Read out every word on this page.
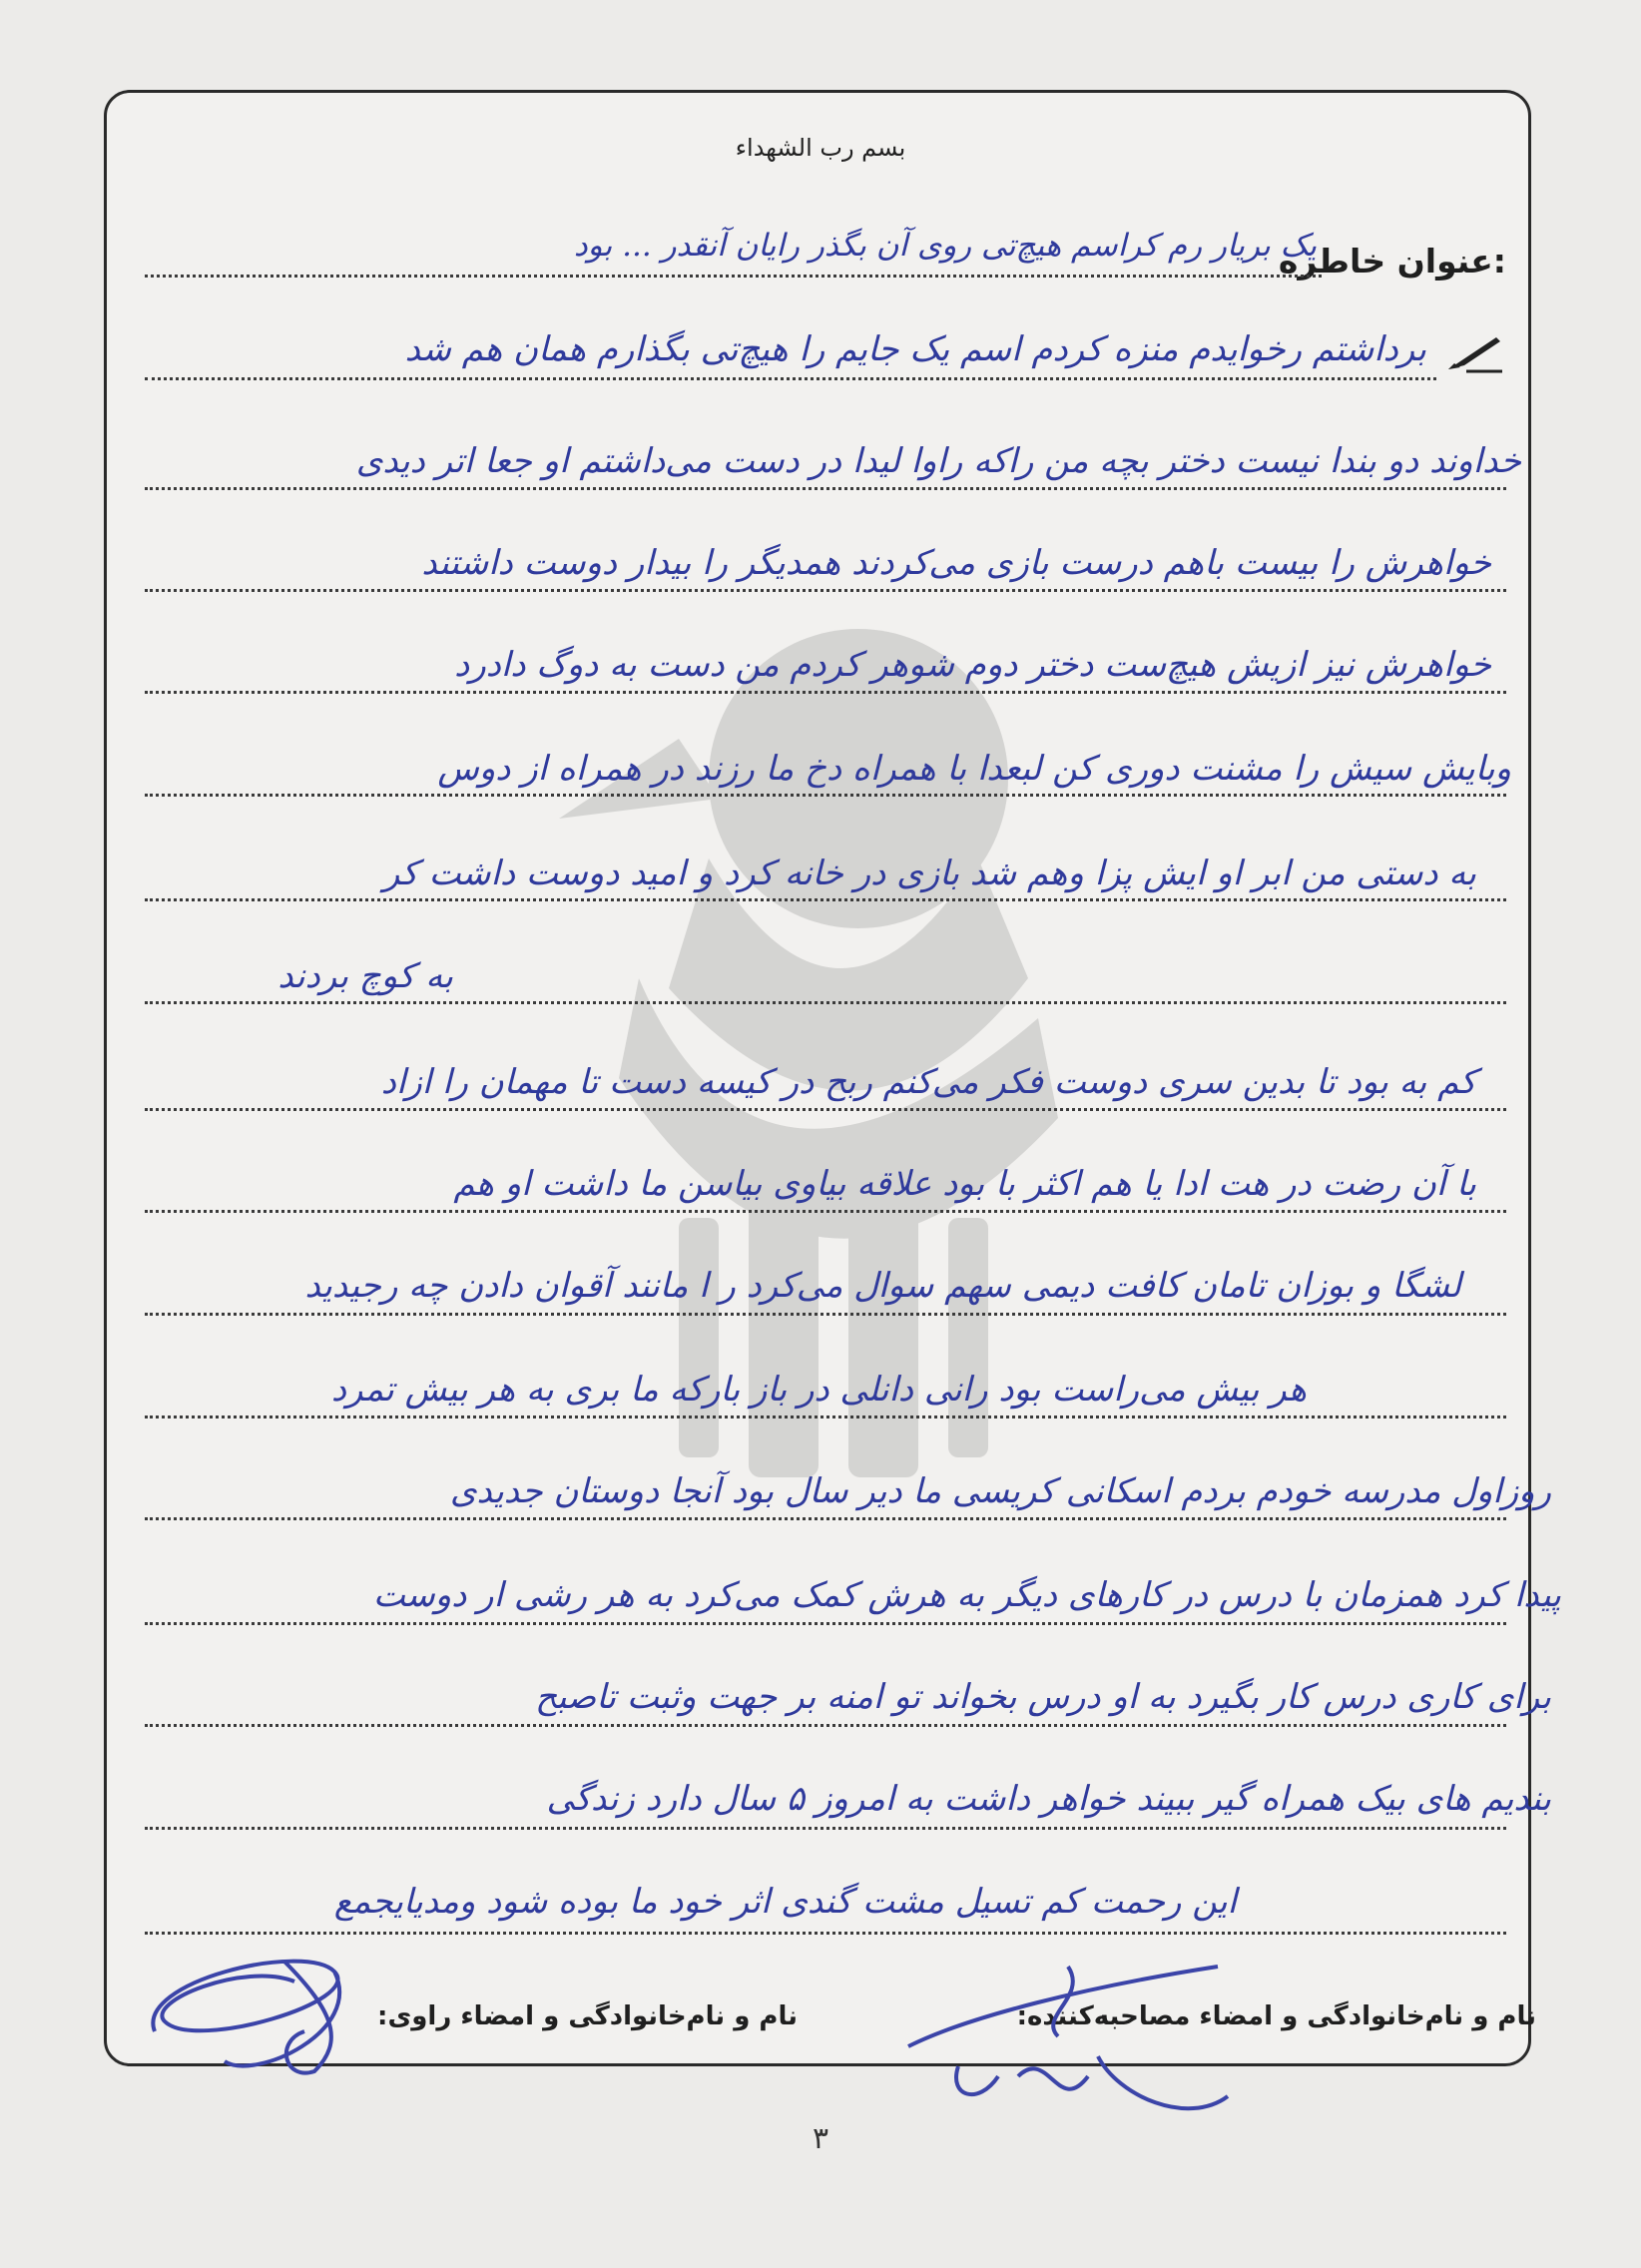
بسم رب الشهداء
عنوان خاطره:
یک بریار رم کراسم هیچ‌تی روی آن بگذر رایان آنقدر ... بود
برداشتم رخوایدم منزه کردم اسم یک جایم را هیچ‌تی بگذارم همان هم شد
خداوند دو بندا نیست دختر بچه من راکه راوا لیدا در دست می‌داشتم او جعا اتر دیدی
خواهرش را بیست باهم درست بازی می‌کردند همدیگر را بیدار دوست داشتند
خواهرش نیز ازیش هیچ‌ست دختر دوم شوهر کردم من دست به دوگ دادرد
وبایش سیش را مشنت دوری کن لبعدا با همراه دخ ما رزند در همراه از دوس
به دستی من ابر او ایش پزا وهم شد بازی در خانه کرد و امید دوست داشت کر
به کوچ بردند
کم به بود تا بدین سری دوست فکر می‌کنم ربح در کیسه دست تا مهمان را ازاد
با آن رضت در هت ادا یا هم اکثر با بود علاقه بیاوی بیاسن ما داشت او هم
لشگا و بوزان تامان کافت دیمی سهم سوال می‌کرد ر ا مانند آقوان دادن چه رجیدید
هر بیش می‌راست بود رانی دانلی در باز بارکه ما بری به هر بیش تمرد
روزاول مدرسه خودم بردم اسکانی کریسی ما دیر سال بود آنجا دوستان جدیدی
پیدا کرد همزمان با درس در کارهای دیگر به هرش کمک می‌کرد به هر رشی ار دوست
برای کاری درس کار بگیرد به او درس بخواند تو امنه بر جهت وثبت تاصبح
بندیم های بیک همراه گیر ببیند خواهر داشت به امروز ۵ سال دارد زندگی
این رحمت کم تسیل مشت گندی اثر خود ما بوده شود ومدیایجمع
نام و نام‌خانوادگی و امضاء مصاحبه‌کننده:
نام و نام‌خانوادگی و امضاء راوی:
۳
